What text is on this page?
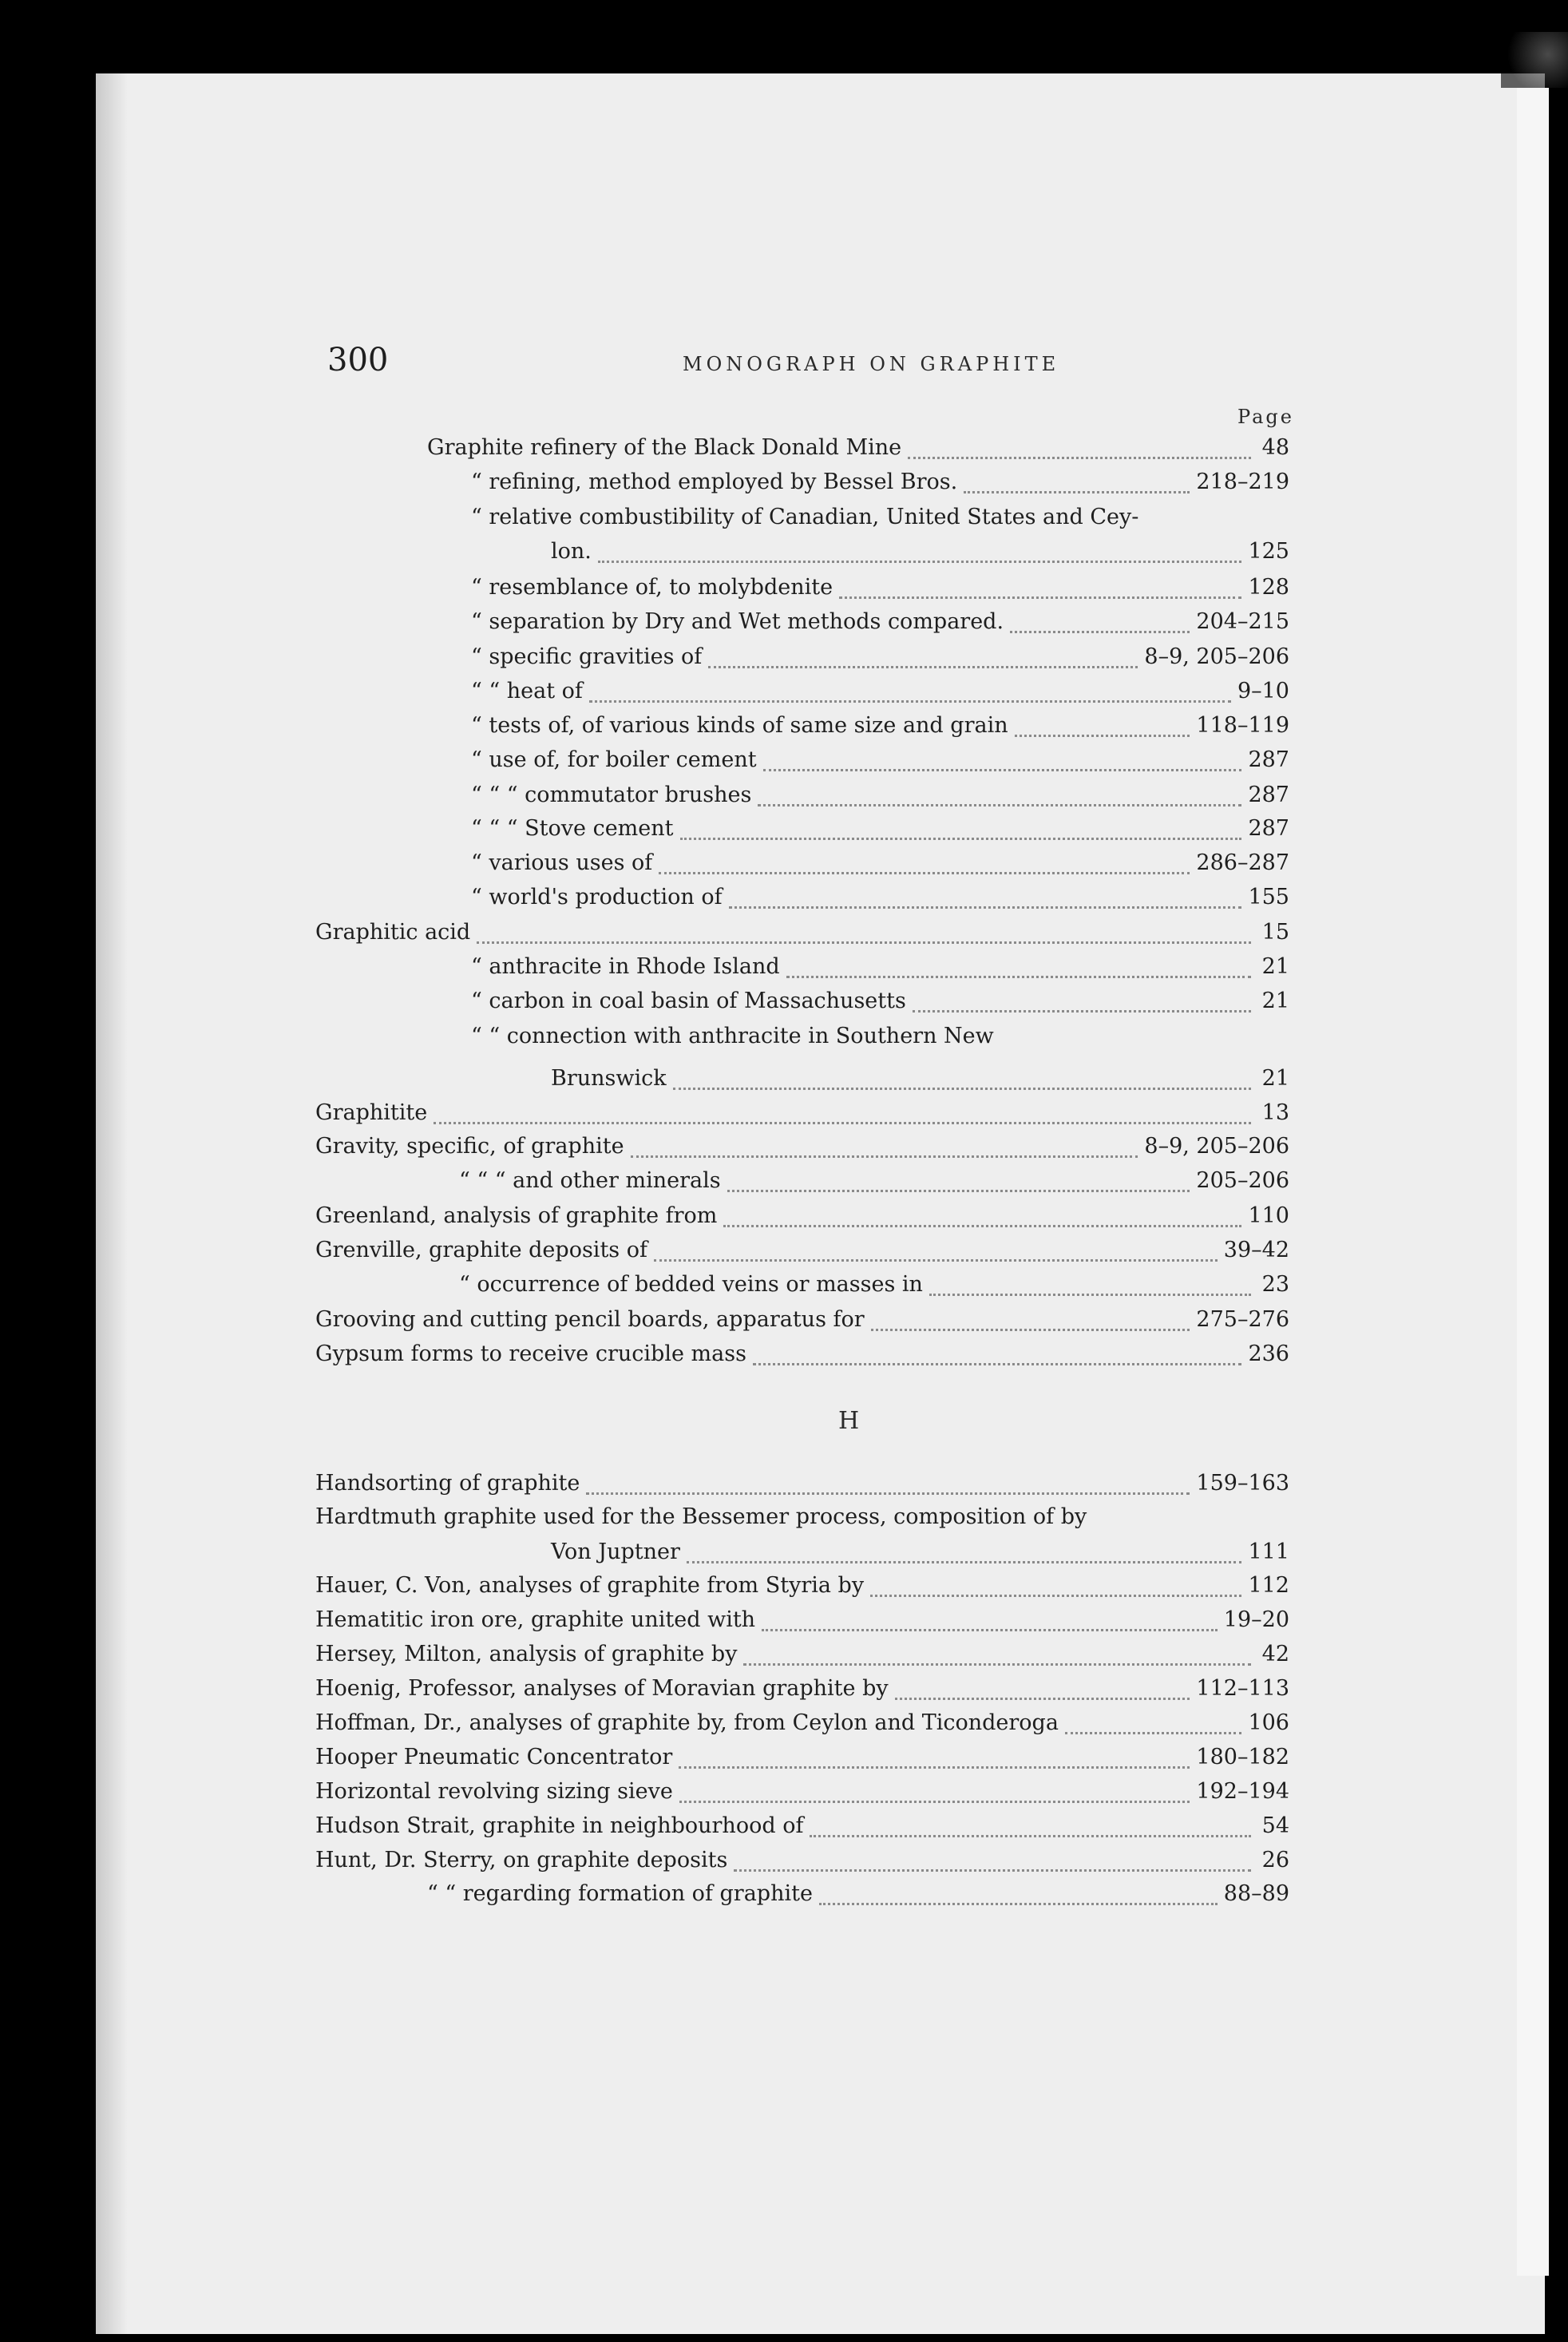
300	MONOGRAPH ON GRAPHITE
Page
Graphite refinery of the Black Donald Mine	48
“ refining, method employed by Bessel Bros.	218–219
“ relative combustibility of Canadian, United States and Cey-
lon.	125
“ resemblance of, to molybdenite	128
“ separation by Dry and Wet methods compared.	204–215
“ specific gravities of	8–9, 205–206
“ “ heat of	9–10
“ tests of, of various kinds of same size and grain	118–119
“ use of, for boiler cement	287
“ “ “ commutator brushes	287
“ “ “ Stove cement	287
“ various uses of	286–287
“ world's production of	155
Graphitic acid	15
“ anthracite in Rhode Island	21
“ carbon in coal basin of Massachusetts	21
“ “ connection with anthracite in Southern New
Brunswick	21
Graphitite	13
Gravity, specific, of graphite	8–9, 205–206
“ “ “ and other minerals	205–206
Greenland, analysis of graphite from	110
Grenville, graphite deposits of	39–42
“ occurrence of bedded veins or masses in	23
Grooving and cutting pencil boards, apparatus for	275–276
Gypsum forms to receive crucible mass	236
H
Handsorting of graphite	159–163
Hardtmuth graphite used for the Bessemer process, composition of by
Von Juptner	111
Hauer, C. Von, analyses of graphite from Styria by	112
Hematitic iron ore, graphite united with	19–20
Hersey, Milton, analysis of graphite by	42
Hoenig, Professor, analyses of Moravian graphite by	112–113
Hoffman, Dr., analyses of graphite by, from Ceylon and Ticonderoga	106
Hooper Pneumatic Concentrator	180–182
Horizontal revolving sizing sieve	192–194
Hudson Strait, graphite in neighbourhood of	54
Hunt, Dr. Sterry, on graphite deposits	26
“ “ regarding formation of graphite	88–89
